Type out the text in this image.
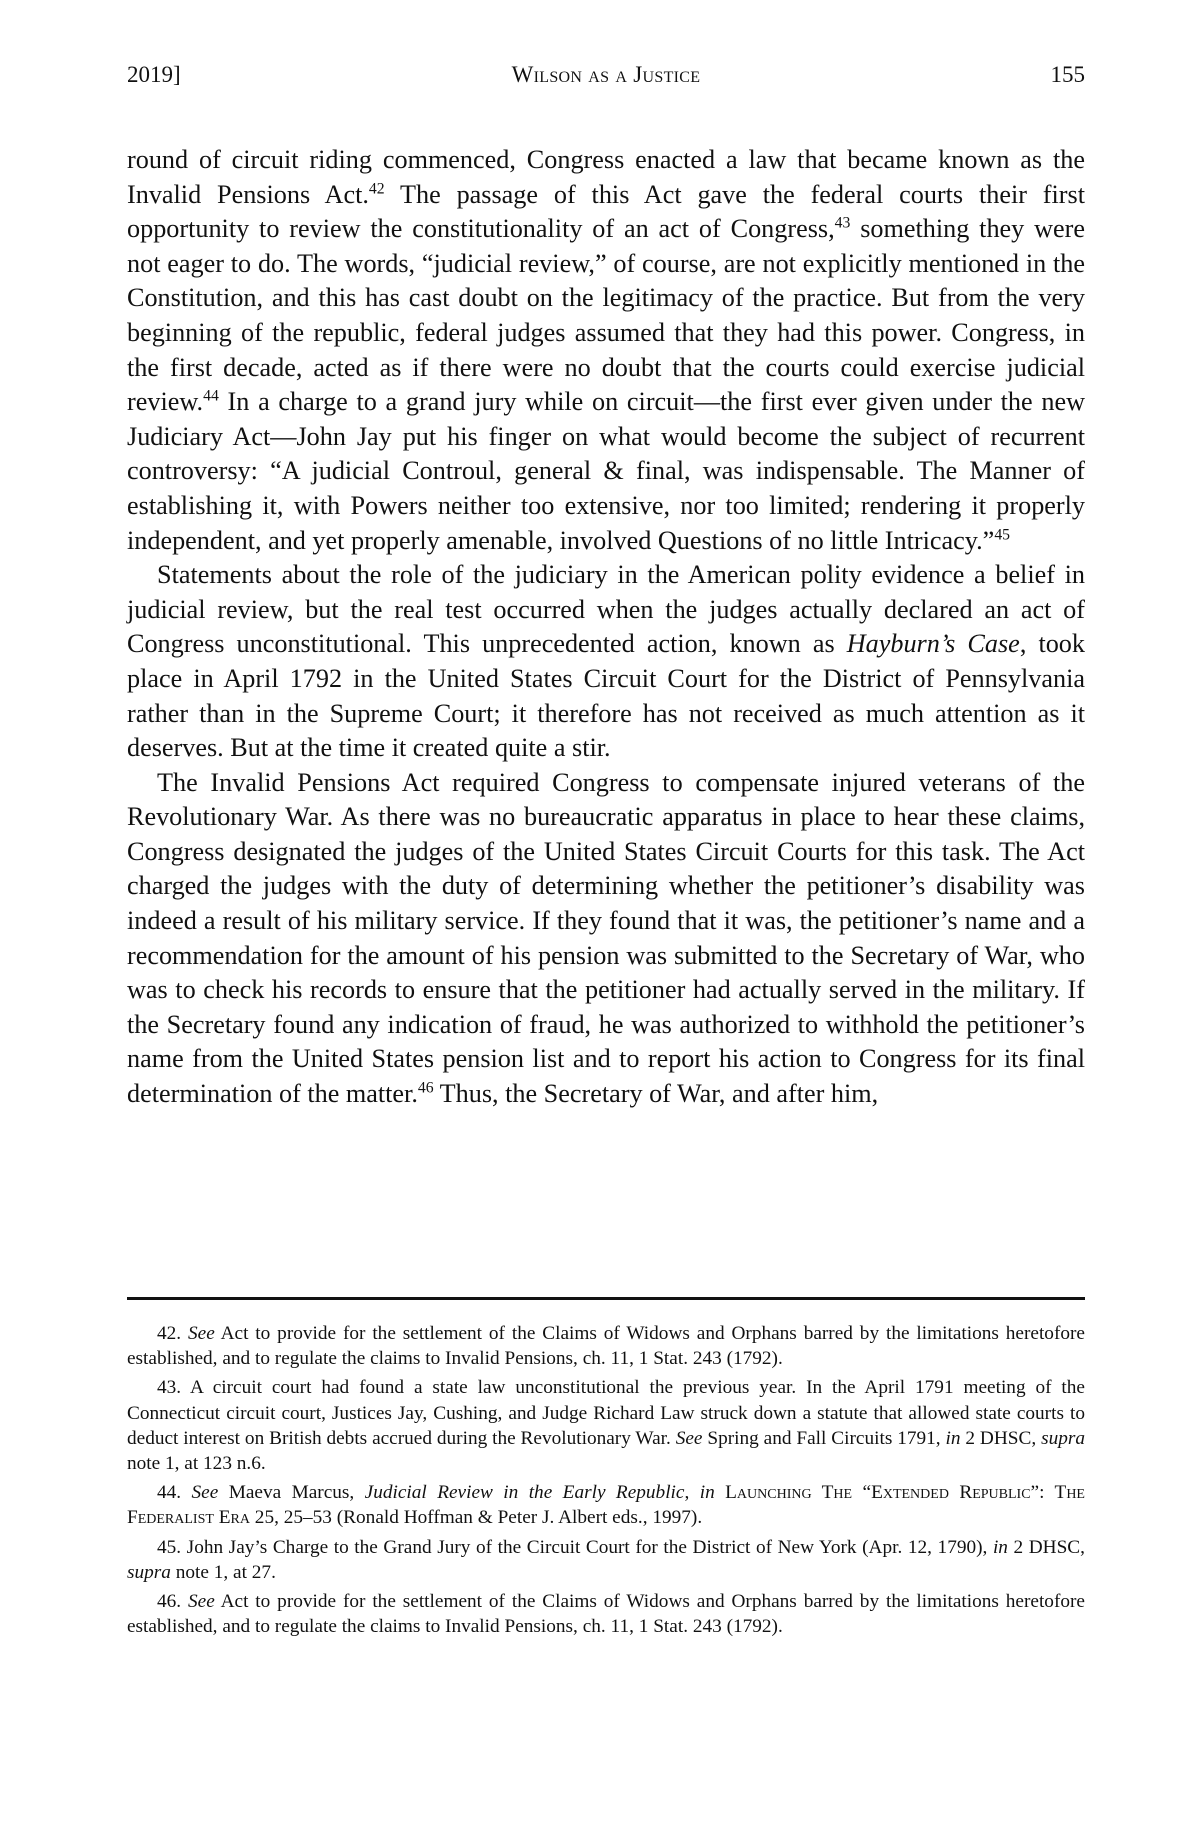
2019]	Wilson as a Justice	155

round of circuit riding commenced, Congress enacted a law that became known as the Invalid Pensions Act.$^{42}$ The passage of this Act gave the federal courts their first opportunity to review the constitutionality of an act of Congress,$^{43}$ something they were not eager to do. The words, “judicial review,” of course, are not explicitly mentioned in the Constitution, and this has cast doubt on the legitimacy of the practice. But from the very beginning of the republic, federal judges assumed that they had this power. Congress, in the first decade, acted as if there were no doubt that the courts could exercise judicial review.$^{44}$ In a charge to a grand jury while on circuit—the first ever given under the new Judiciary Act—John Jay put his finger on what would become the subject of recurrent controversy: “A judicial Controul, general & final, was indispensable. The Manner of establishing it, with Powers neither too extensive, nor too limited; rendering it properly independent, and yet properly amenable, involved Questions of no little Intricacy.”$^{45}$

Statements about the role of the judiciary in the American polity evidence a belief in judicial review, but the real test occurred when the judges actually declared an act of Congress unconstitutional. This unprecedented action, known as Hayburn’s Case, took place in April 1792 in the United States Circuit Court for the District of Pennsylvania rather than in the Supreme Court; it therefore has not received as much attention as it deserves. But at the time it created quite a stir.

The Invalid Pensions Act required Congress to compensate injured veterans of the Revolutionary War. As there was no bureaucratic apparatus in place to hear these claims, Congress designated the judges of the United States Circuit Courts for this task. The Act charged the judges with the duty of determining whether the petitioner’s disability was indeed a result of his military service. If they found that it was, the petitioner’s name and a recommendation for the amount of his pension was submitted to the Secretary of War, who was to check his records to ensure that the petitioner had actually served in the military. If the Secretary found any indication of fraud, he was authorized to withhold the petitioner’s name from the United States pension list and to report his action to Congress for its final determination of the matter.$^{46}$ Thus, the Secretary of War, and after him,

42. See Act to provide for the settlement of the Claims of Widows and Orphans barred by the limitations heretofore established, and to regulate the claims to Invalid Pensions, ch. 11, 1 Stat. 243 (1792).

43. A circuit court had found a state law unconstitutional the previous year. In the April 1791 meeting of the Connecticut circuit court, Justices Jay, Cushing, and Judge Richard Law struck down a statute that allowed state courts to deduct interest on British debts accrued during the Revolutionary War. See Spring and Fall Circuits 1791, in 2 DHSC, supra note 1, at 123 n.6.

44. See Maeva Marcus, Judicial Review in the Early Republic, in Launching The “Extended Republic”: The Federalist Era 25, 25–53 (Ronald Hoffman & Peter J. Albert eds., 1997).

45. John Jay’s Charge to the Grand Jury of the Circuit Court for the District of New York (Apr. 12, 1790), in 2 DHSC, supra note 1, at 27.

46. See Act to provide for the settlement of the Claims of Widows and Orphans barred by the limitations heretofore established, and to regulate the claims to Invalid Pensions, ch. 11, 1 Stat. 243 (1792).
